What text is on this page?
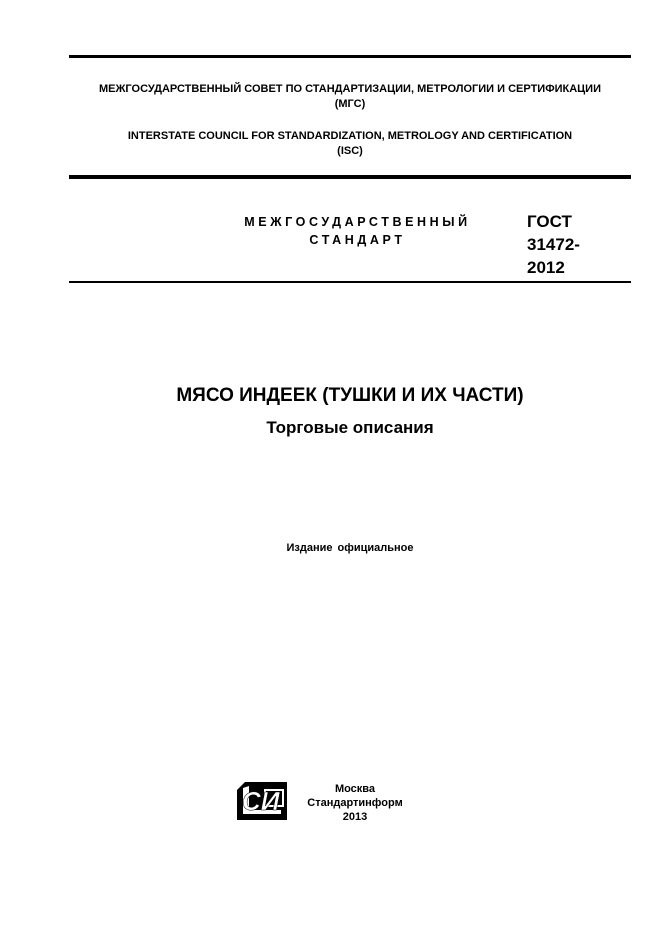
МЕЖГОСУДАРСТВЕННЫЙ СОВЕТ ПО СТАНДАРТИЗАЦИИ, МЕТРОЛОГИИ И СЕРТИФИКАЦИИ
(МГС)
INTERSTATE COUNCIL FOR STANDARDIZATION, METROLOGY AND CERTIFICATION
(ISC)
МЕЖГОСУДАРСТВЕННЫЙ
СТАНДАРТ
ГОСТ
31472-
2012
МЯСО ИНДЕЕК (ТУШКИ И ИХ ЧАСТИ)
Торговые описания
Издание официальное
СИ	Москва
Стандартинформ
2013
